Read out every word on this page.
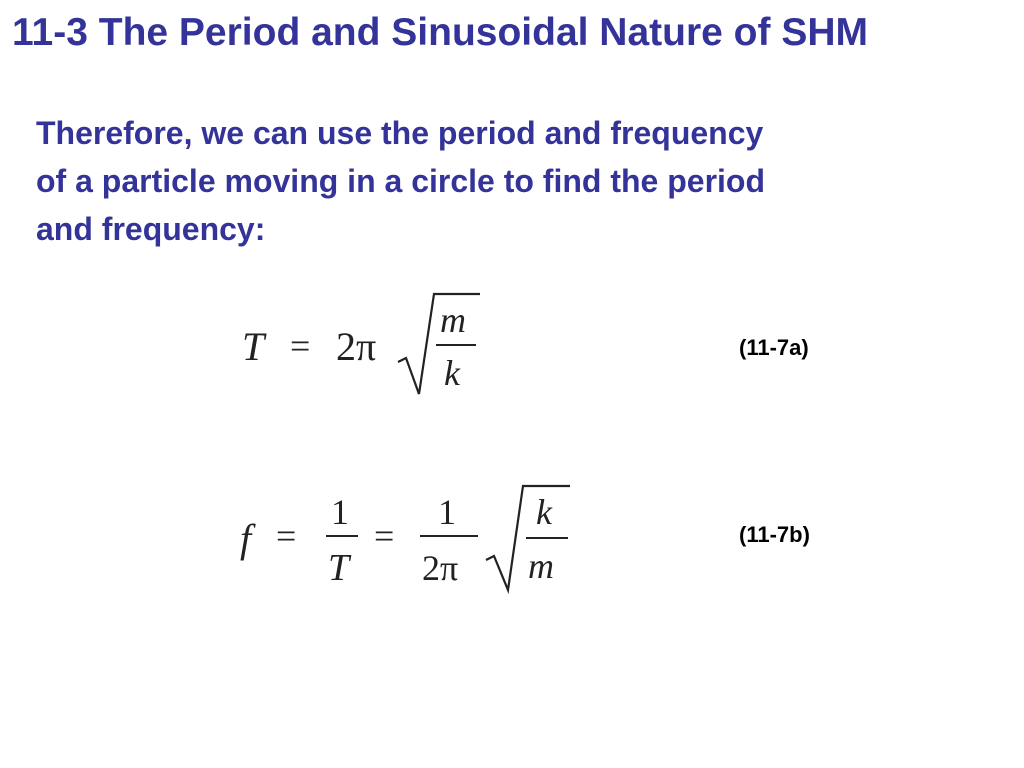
11-3 The Period and Sinusoidal Nature of SHM

Therefore, we can use the period and frequency
of a particle moving in a circle to find the period
and frequency:

T = 2π
m
k
(11-7a)
f =
1
T
=
1
2π
k
m
(11-7b)
